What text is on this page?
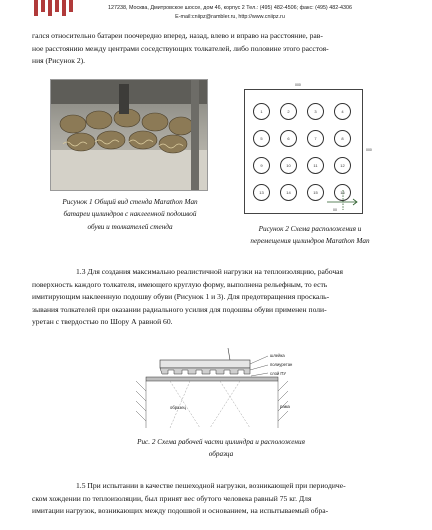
127238, Москва, Дмитровское шоссе, дом 46, корпус 2 Тел.: (495) 482-4506; факс: (495) 482-4306
E-mail:cniipz@rambler.ru, http://www.cniipz.ru
гался относительно батареи поочередно вперед, назад, влево и вправо на расстояние, рав-
ное расстоянию между центрами соседствующих толкателей, либо половине этого расстоя-
ния (Рисунок 2).
Рисунок 1 Общий вид стенда Marathon Man
батареи цилиндров с наклеенной подошвой
обуви и толкателей стенда
000
000
1	2	3	4
5	6	7	8
9	10	11	12
13	14	15	16
00
Рисунок 2 Схема расположения и
перемещения цилиндров Marathon Man
1.3 Для создания максимально реалистичной нагрузки на теплоизоляцию, рабочая
поверхность каждого толкателя, имеющего круглую форму, выполнена рельефным, то есть
имитирующим наклеенную подошву обуви (Рисунок 1 и 3). Для предотвращения проскаль-
зывания толкателей при оказании радиального усилия для подошвы обуви применен поли-
уретан с твердостью по Шору А равной 60.
шлейка
полиуретан
слой ПУ
образец	рама
Рис. 2 Схема рабочей части цилиндра и расположения
образца
1.5 При испытании в качестве пешеходной нагрузки, возникающей при периодиче-
ском хождении по теплоизоляции, был принят вес обутого человека равный 75 кг. Для
имитации нагрузок, возникающих между подошвой и основанием, на испытываемый обра-
